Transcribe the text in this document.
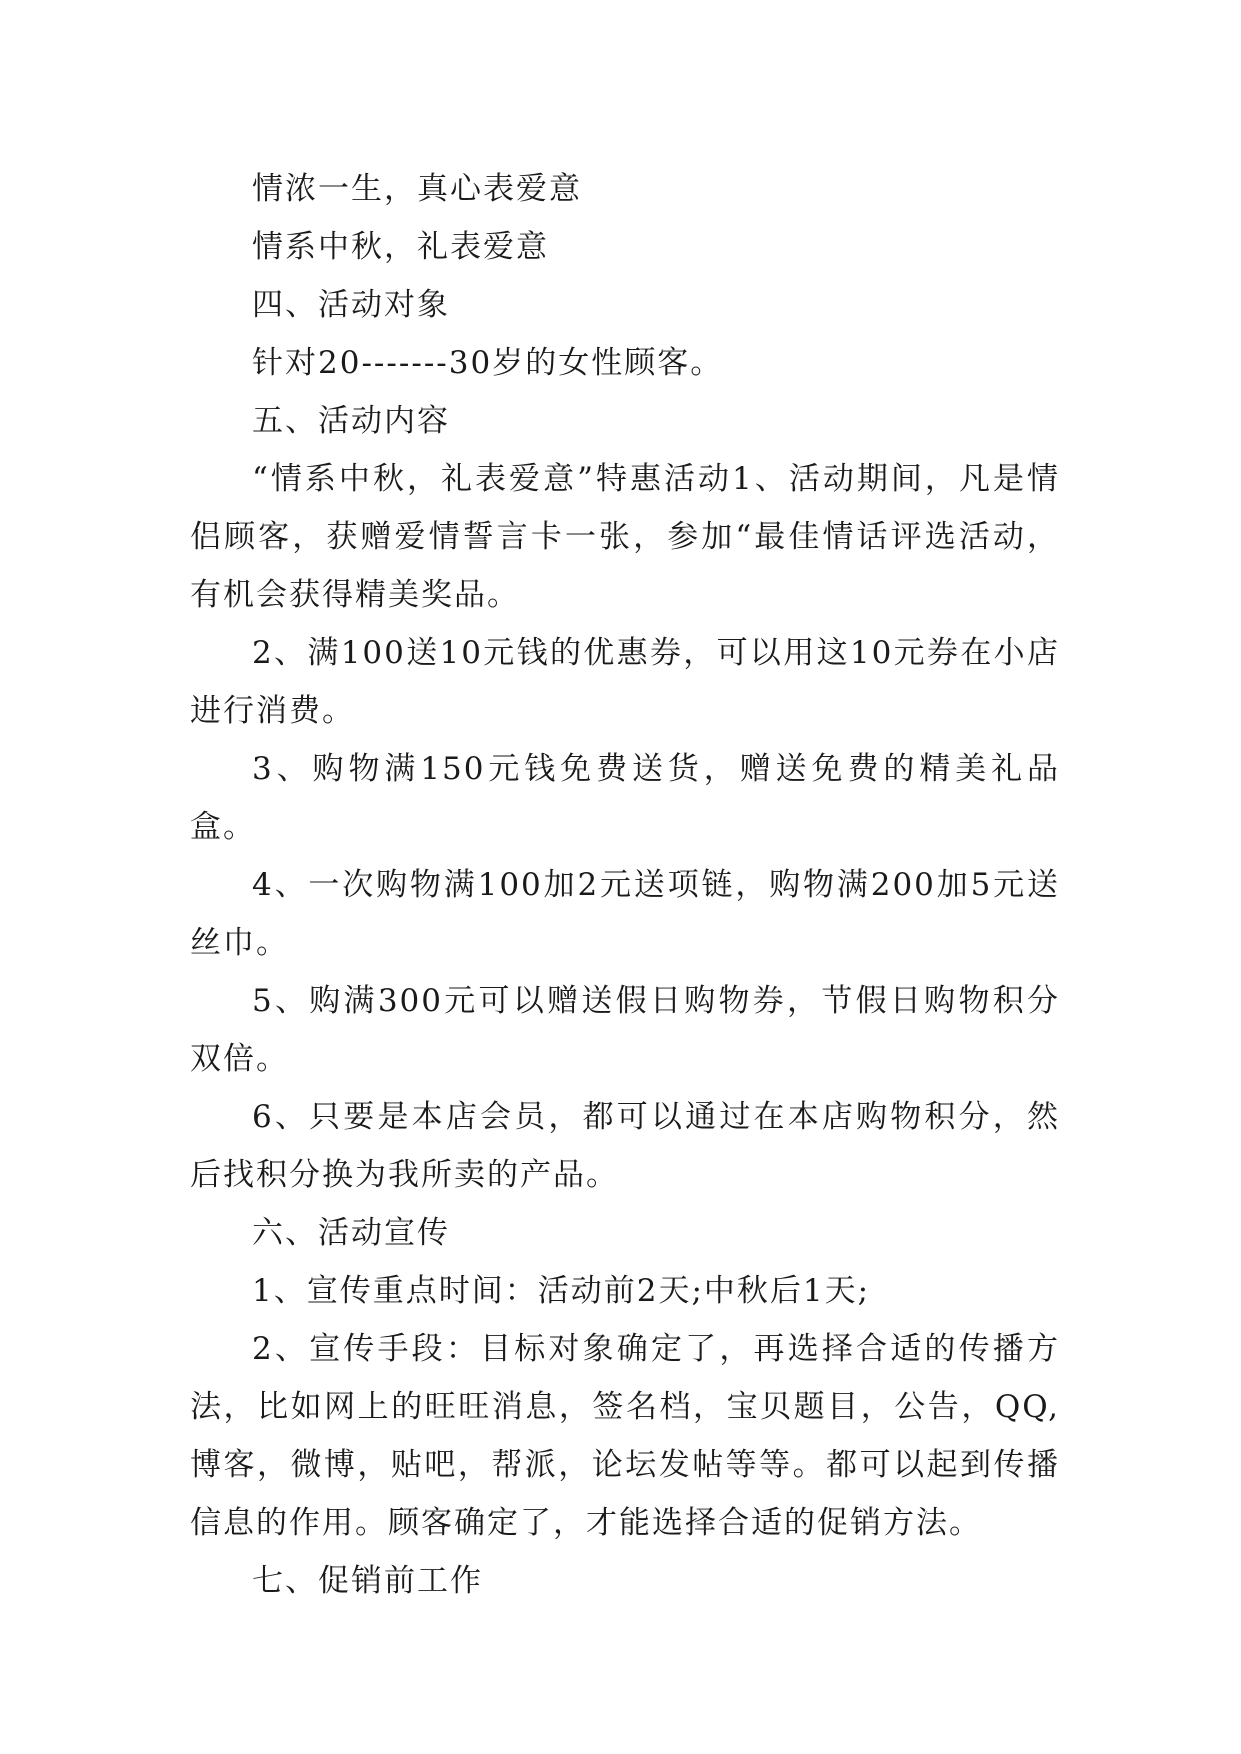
情浓一生，真心表爱意

情系中秋，礼表爱意

四、活动对象

针对20-------30岁的女性顾客。

五、活动内容

“情系中秋，礼表爱意”特惠活动1、活动期间，凡是情侣顾客，获赠爱情誓言卡一张，参加“最佳情话评选活动，有机会获得精美奖品。

2、满100送10元钱的优惠券，可以用这10元券在小店进行消费。

3、购物满150元钱免费送货，赠送免费的精美礼品盒。

4、一次购物满100加2元送项链，购物满200加5元送丝巾。

5、购满300元可以赠送假日购物券，节假日购物积分双倍。

6、只要是本店会员，都可以通过在本店购物积分，然后找积分换为我所卖的产品。

六、活动宣传

1、宣传重点时间：活动前2天;中秋后1天;

2、宣传手段：目标对象确定了，再选择合适的传播方法，比如网上的旺旺消息，签名档，宝贝题目，公告，QQ,博客，微博，贴吧，帮派，论坛发帖等等。都可以起到传播信息的作用。顾客确定了，才能选择合适的促销方法。

七、促销前工作
